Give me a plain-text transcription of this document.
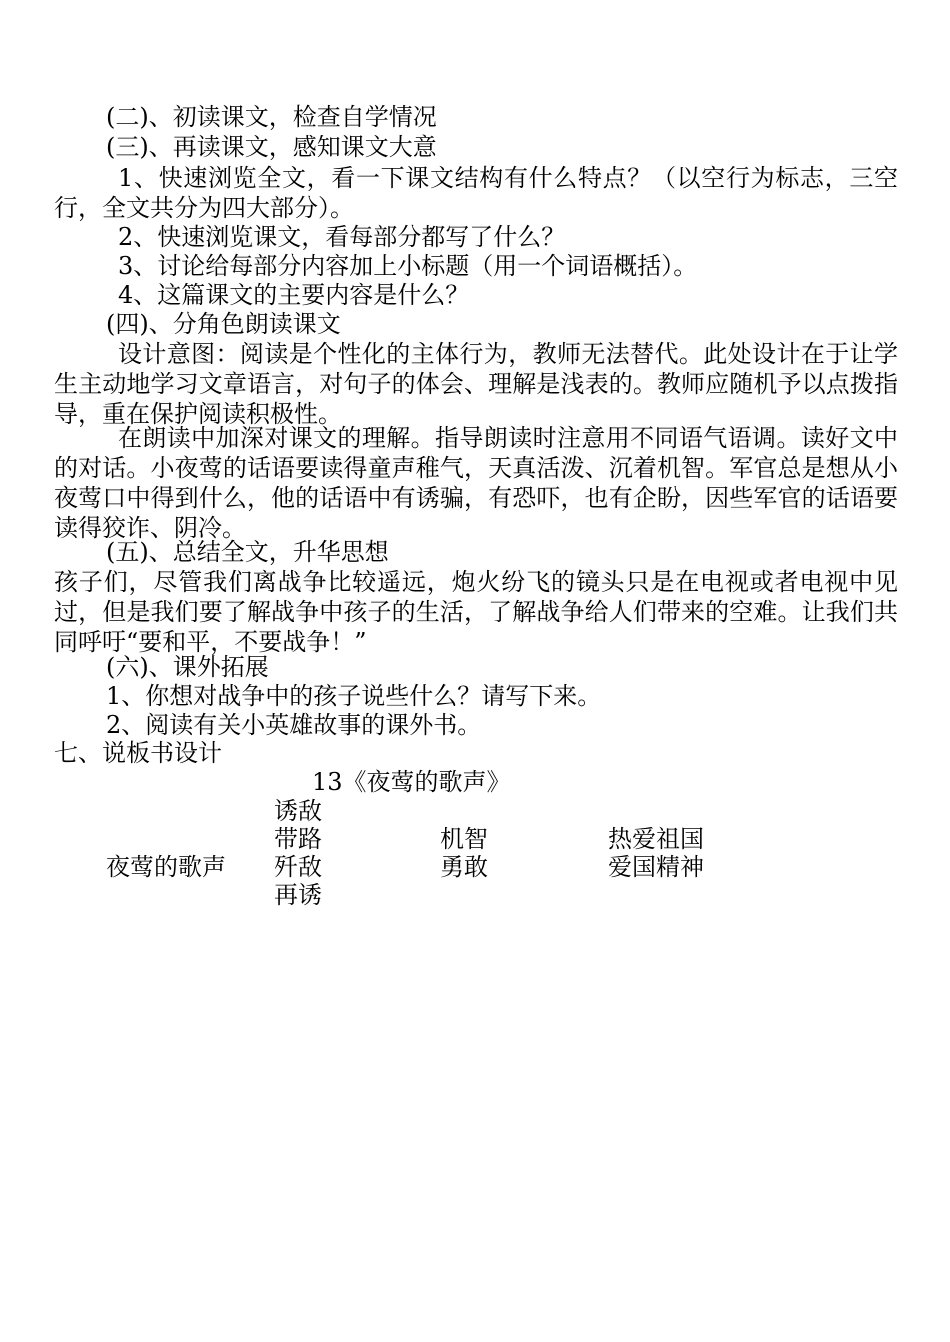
(二)、初读课文，检查自学情况

(三)、再读课文，感知课文大意

1、快速浏览全文，看一下课文结构有什么特点？（以空行为标志，三空行，全文共分为四大部分）。

2、快速浏览课文，看每部分都写了什么？

3、讨论给每部分内容加上小标题（用一个词语概括）。

4、这篇课文的主要内容是什么？

(四)、分角色朗读课文

设计意图：阅读是个性化的主体行为，教师无法替代。此处设计在于让学生主动地学习文章语言，对句子的体会、理解是浅表的。教师应随机予以点拨指导，重在保护阅读积极性。

在朗读中加深对课文的理解。指导朗读时注意用不同语气语调。读好文中的对话。小夜莺的话语要读得童声稚气，天真活泼、沉着机智。军官总是想从小夜莺口中得到什么，他的话语中有诱骗，有恐吓，也有企盼，因些军官的话语要读得狡诈、阴冷。

(五)、总结全文，升华思想

孩子们，尽管我们离战争比较遥远，炮火纷飞的镜头只是在电视或者电视中见过，但是我们要了解战争中孩子的生活，了解战争给人们带来的空难。让我们共同呼吁“要和平，不要战争！”

(六)、课外拓展

1、你想对战争中的孩子说些什么？请写下来。

2、阅读有关小英雄故事的课外书。

七、说板书设计

13《夜莺的歌声》

夜莺的歌声

诱敌

带路

歼敌

再诱

机智

勇敢

热爱祖国

爱国精神
